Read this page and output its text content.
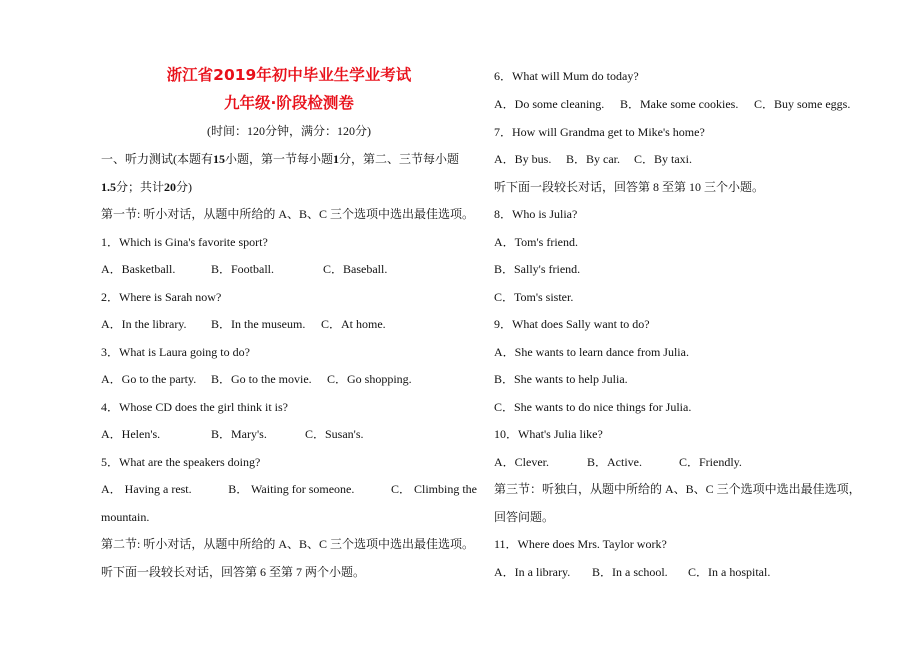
浙江省2019年初中毕业生学业考试
九年级·阶段检测卷
(时间：120分钟，满分：120分)
一、听力测试(本题有15小题，第一节每小题1分，第二、三节每小题
1.5分；共计20分)
第一节: 听小对话，从题中所给的 A、B、C 三个选项中选出最佳选项。
1．Which is Gina's favorite sport?
A．Basketball.	B．Football.	C．Baseball.
2．Where is Sarah now?
A．In the library. B．In the museum. C．At home.
3．What is Laura going to do?
A．Go to the party. B．Go to the movie. C．Go shopping.
4．Whose CD does the girl think it is?
A．Helen's.	B．Mary's.	C．Susan's.
5．What are the speakers doing?
A． Having a rest.	B． Waiting for someone.	C． Climbing the
mountain.
第二节: 听小对话，从题中所给的 A、B、C 三个选项中选出最佳选项。
听下面一段较长对话，回答第 6 至第 7 两个小题。
6．What will Mum do today?
A．Do some cleaning. B．Make some cookies. C．Buy some eggs.
7．How will Grandma get to Mike's home?
A．By bus. B．By car. C．By taxi.
听下面一段较长对话，回答第 8 至第 10 三个小题。
8．Who is Julia?
A．Tom's friend.
B．Sally's friend.
C．Tom's sister.
9．What does Sally want to do?
A．She wants to learn dance from Julia.
B．She wants to help Julia.
C．She wants to do nice things for Julia.
10．What's Julia like?
A．Clever.	B．Active.	C．Friendly.
第三节：听独白，从题中所给的 A、B、C 三个选项中选出最佳选项，
回答问题。
11．Where does Mrs. Taylor work?
A．In a library. B．In a school. C．In a hospital.
